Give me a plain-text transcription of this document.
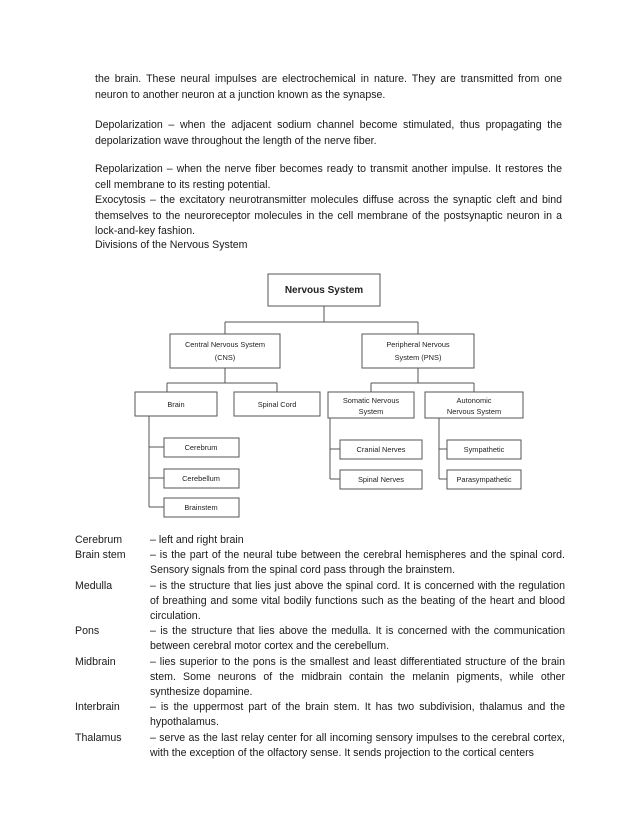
the brain. These neural impulses are electrochemical in nature. They are transmitted from one neuron to another neuron at a junction known as the synapse.

Depolarization – when the adjacent sodium channel become stimulated, thus propagating the depolarization wave throughout the length of the nerve fiber.

Repolarization – when the nerve fiber becomes ready to transmit another impulse. It restores the cell membrane to its resting potential.

Exocytosis – the excitatory neurotransmitter molecules diffuse across the synaptic cleft and bind themselves to the neuroreceptor molecules in the cell membrane of the postsynaptic neuron in a lock-and-key fashion.

Divisions of the Nervous System

Nervous System
Central Nervous System
(CNS)
Peripheral Nervous
System (PNS)
Brain	Spinal Cord	Somatic Nervous
System
Autonomic
Nervous System
Cerebrum
Cerebellum
Brainstem
Cranial Nerves
Spinal Nerves
Sympathetic
Parasympathetic
Cerebrum	– left and right brain
Brain stem	– is the part of the neural tube between the cerebral hemispheres and the spinal cord. Sensory signals from the spinal cord pass through the brainstem.
Medulla	– is the structure that lies just above the spinal cord. It is concerned with the regulation of breathing and some vital bodily functions such as the beating of the heart and blood circulation.
Pons	– is the structure that lies above the medulla. It is concerned with the communication between cerebral motor cortex and the cerebellum.
Midbrain	– lies superior to the pons is the smallest and least differentiated structure of the brain stem. Some neurons of the midbrain contain the melanin pigments, while other synthesize dopamine.
Interbrain	– is the uppermost part of the brain stem. It has two subdivision, thalamus and the hypothalamus.
Thalamus	– serve as the last relay center for all incoming sensory impulses to the cerebral cortex, with the exception of the olfactory sense. It sends projection to the cortical centers
